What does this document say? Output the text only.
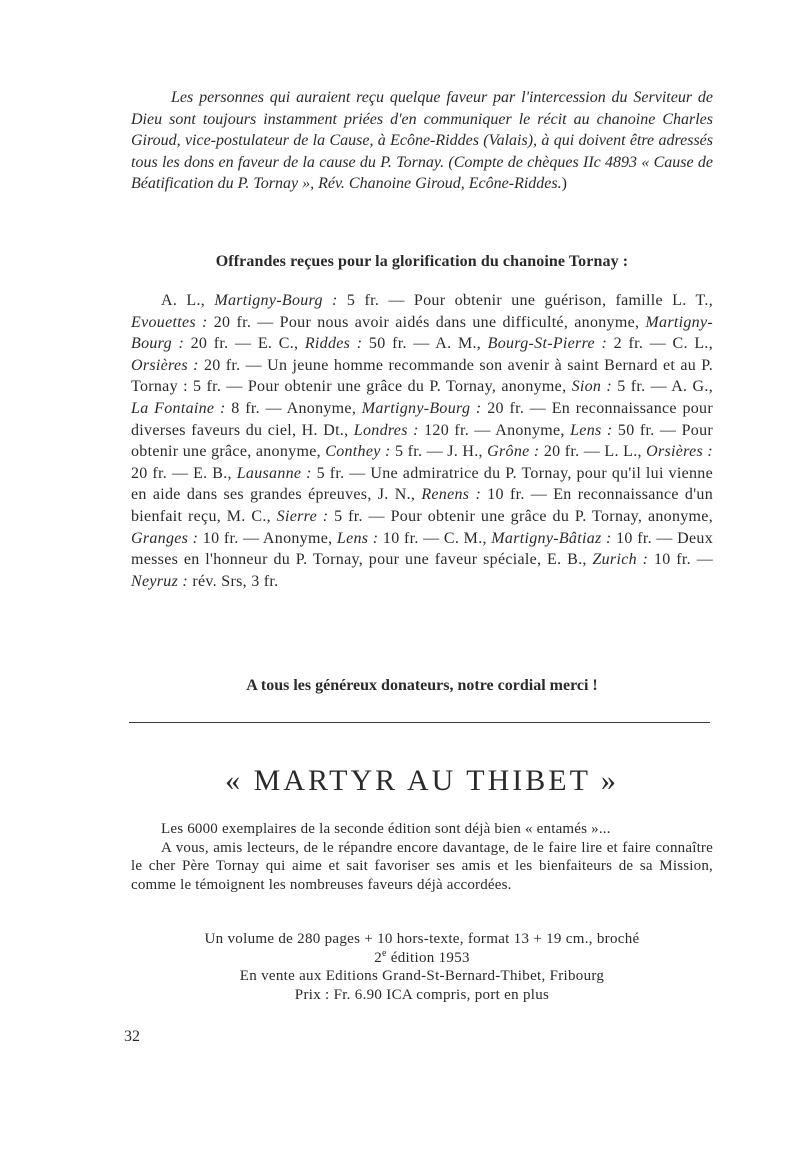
Les personnes qui auraient reçu quelque faveur par l'intercession du Serviteur de Dieu sont toujours instamment priées d'en communiquer le récit au chanoine Charles Giroud, vice-postulateur de la Cause, à Ecône-Riddes (Valais), à qui doivent être adressés tous les dons en faveur de la cause du P. Tornay. (Compte de chèques IIc 4893 « Cause de Béatification du P. Tornay », Rév. Chanoine Giroud, Ecône-Riddes.)

Offrandes reçues pour la glorification du chanoine Tornay :

A. L., Martigny-Bourg : 5 fr. — Pour obtenir une guérison, famille L. T., Evouettes : 20 fr. — Pour nous avoir aidés dans une difficulté, anonyme, Martigny-Bourg : 20 fr. — E. C., Riddes : 50 fr. — A. M., Bourg-St-Pierre : 2 fr. — C. L., Orsières : 20 fr. — Un jeune homme recommande son avenir à saint Bernard et au P. Tornay : 5 fr. — Pour obtenir une grâce du P. Tornay, anonyme, Sion : 5 fr. — A. G., La Fontaine : 8 fr. — Anonyme, Martigny-Bourg : 20 fr. — En reconnaissance pour diverses faveurs du ciel, H. Dt., Londres : 120 fr. — Anonyme, Lens : 50 fr. — Pour obtenir une grâce, anonyme, Conthey : 5 fr. — J. H., Grône : 20 fr. — L. L., Orsières : 20 fr. — E. B., Lausanne : 5 fr. — Une admiratrice du P. Tornay, pour qu'il lui vienne en aide dans ses grandes épreuves, J. N., Renens : 10 fr. — En reconnaissance d'un bienfait reçu, M. C., Sierre : 5 fr. — Pour obtenir une grâce du P. Tornay, anonyme, Granges : 10 fr. — Anonyme, Lens : 10 fr. — C. M., Martigny-Bâtiaz : 10 fr. — Deux messes en l'honneur du P. Tornay, pour une faveur spéciale, E. B., Zurich : 10 fr. — Neyruz : rév. Srs, 3 fr.

A tous les généreux donateurs, notre cordial merci !

« MARTYR AU THIBET »

Les 6000 exemplaires de la seconde édition sont déjà bien « entamés »...
A vous, amis lecteurs, de le répandre encore davantage, de le faire lire et faire connaître le cher Père Tornay qui aime et sait favoriser ses amis et les bienfaiteurs de sa Mission, comme le témoignent les nombreuses faveurs déjà accordées.

Un volume de 280 pages + 10 hors-texte, format 13 + 19 cm., broché
2e édition 1953
En vente aux Editions Grand-St-Bernard-Thibet, Fribourg
Prix : Fr. 6.90 ICA compris, port en plus

32
